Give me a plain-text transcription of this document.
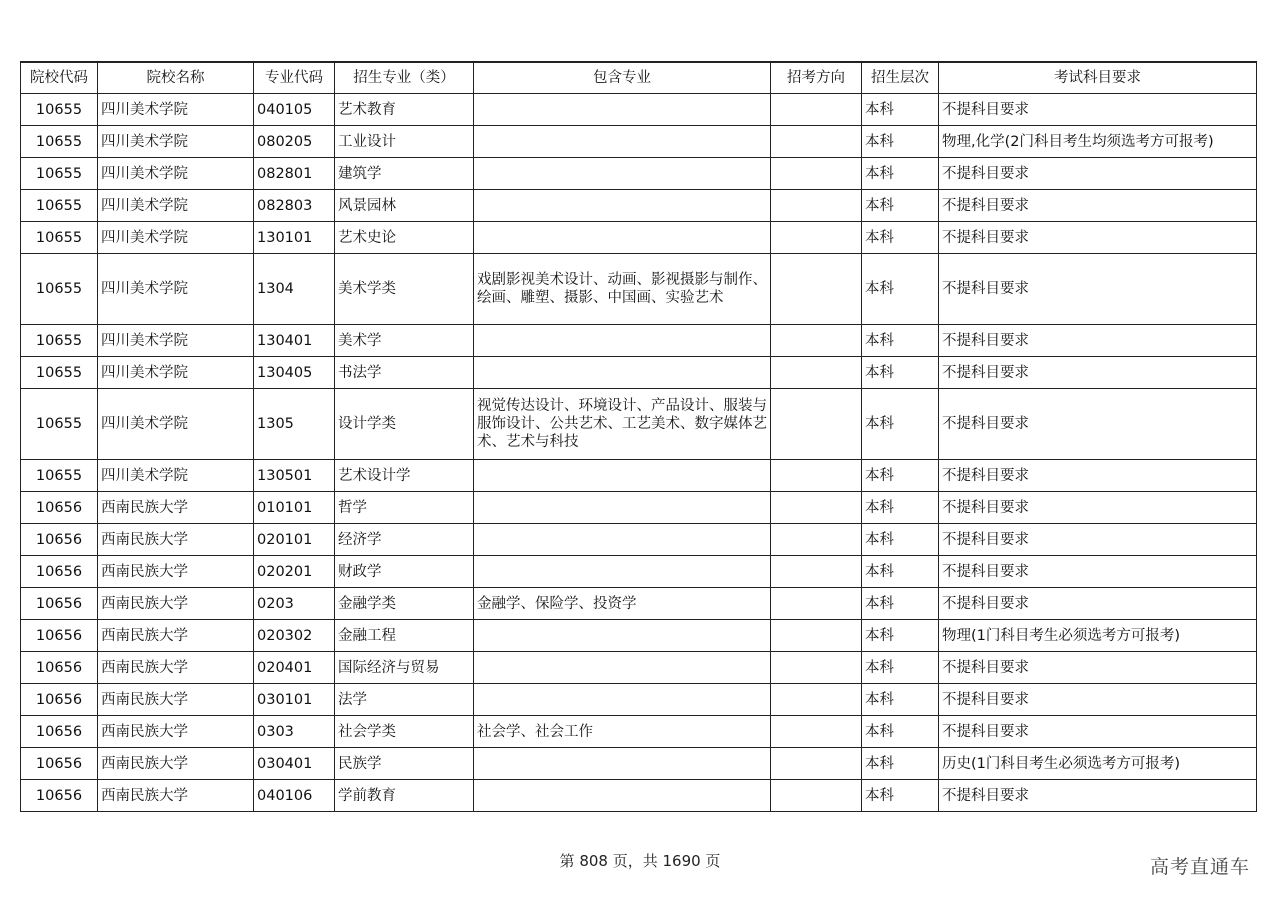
院校代码	院校名称	专业代码	招生专业（类）	包含专业	招考方向	招生层次	考试科目要求
10655	四川美术学院	040105	艺术教育			本科	不提科目要求
10655	四川美术学院	080205	工业设计			本科	物理,化学(2门科目考生均须选考方可报考)
10655	四川美术学院	082801	建筑学			本科	不提科目要求
10655	四川美术学院	082803	风景园林			本科	不提科目要求
10655	四川美术学院	130101	艺术史论			本科	不提科目要求
10655	四川美术学院	1304	美术学类	戏剧影视美术设计、动画、影视摄影与制作、绘画、雕塑、摄影、中国画、实验艺术		本科	不提科目要求
10655	四川美术学院	130401	美术学			本科	不提科目要求
10655	四川美术学院	130405	书法学			本科	不提科目要求
10655	四川美术学院	1305	设计学类	视觉传达设计、环境设计、产品设计、服装与服饰设计、公共艺术、工艺美术、数字媒体艺术、艺术与科技		本科	不提科目要求
10655	四川美术学院	130501	艺术设计学			本科	不提科目要求
10656	西南民族大学	010101	哲学			本科	不提科目要求
10656	西南民族大学	020101	经济学			本科	不提科目要求
10656	西南民族大学	020201	财政学			本科	不提科目要求
10656	西南民族大学	0203	金融学类	金融学、保险学、投资学		本科	不提科目要求
10656	西南民族大学	020302	金融工程			本科	物理(1门科目考生必须选考方可报考)
10656	西南民族大学	020401	国际经济与贸易			本科	不提科目要求
10656	西南民族大学	030101	法学			本科	不提科目要求
10656	西南民族大学	0303	社会学类	社会学、社会工作		本科	不提科目要求
10656	西南民族大学	030401	民族学			本科	历史(1门科目考生必须选考方可报考)
10656	西南民族大学	040106	学前教育			本科	不提科目要求
第 808 页，共 1690 页	高考直通车
